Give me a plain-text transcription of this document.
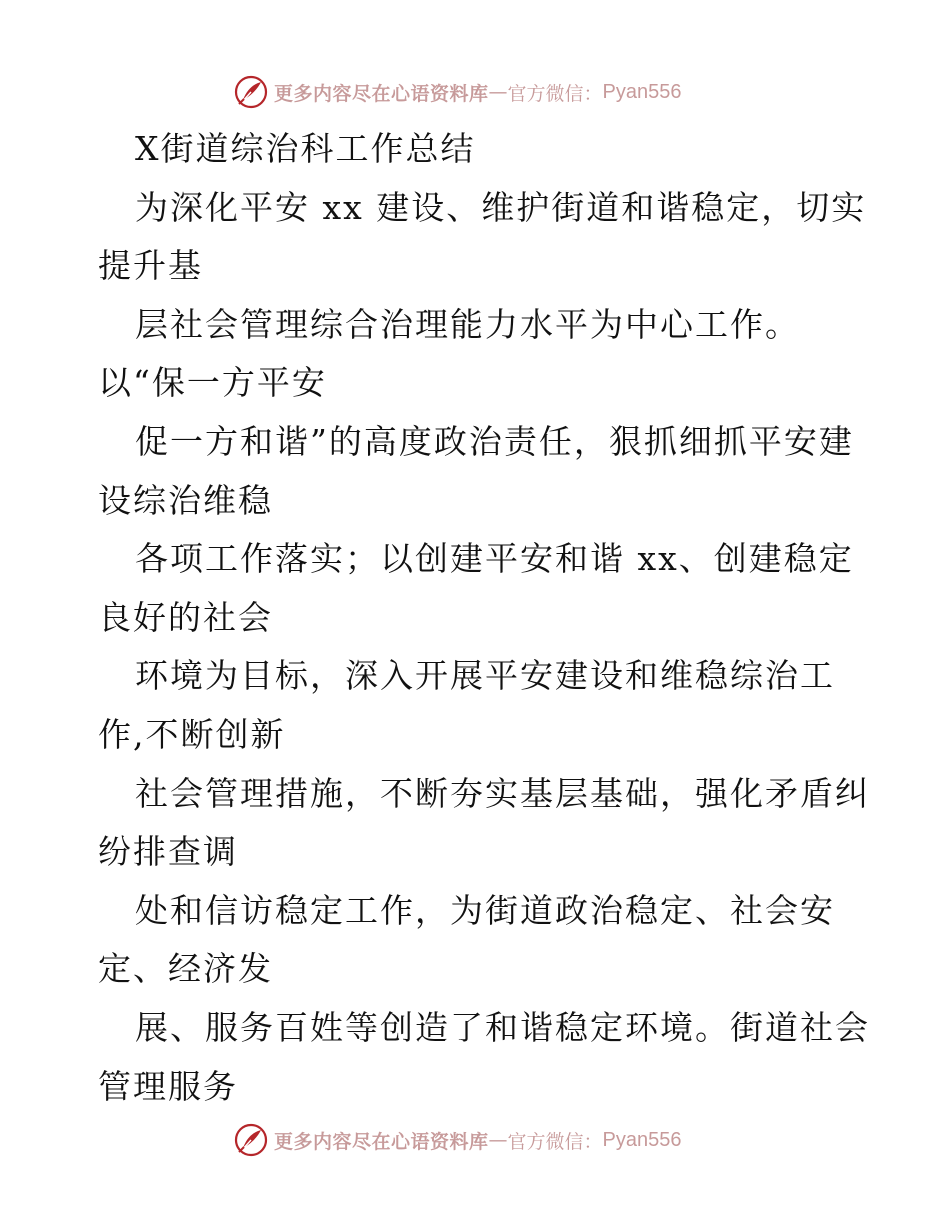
更多内容尽在心语资料库 — 官方微信： Pyan556
X街道综治科工作总结
为深化平安 xx 建设、维护街道和谐稳定，切实
提升基
层社会管理综合治理能力水平为中心工作。
以“保一方平安
促一方和谐”的高度政治责任，狠抓细抓平安建
设综治维稳
各项工作落实；以创建平安和谐 xx、创建稳定
良好的社会
环境为目标，深入开展平安建设和维稳综治工
作,不断创新
社会管理措施，不断夯实基层基础，强化矛盾纠
纷排查调
处和信访稳定工作，为街道政治稳定、社会安
定、经济发
展、服务百姓等创造了和谐稳定环境。街道社会
管理服务
更多内容尽在心语资料库 — 官方微信： Pyan556
